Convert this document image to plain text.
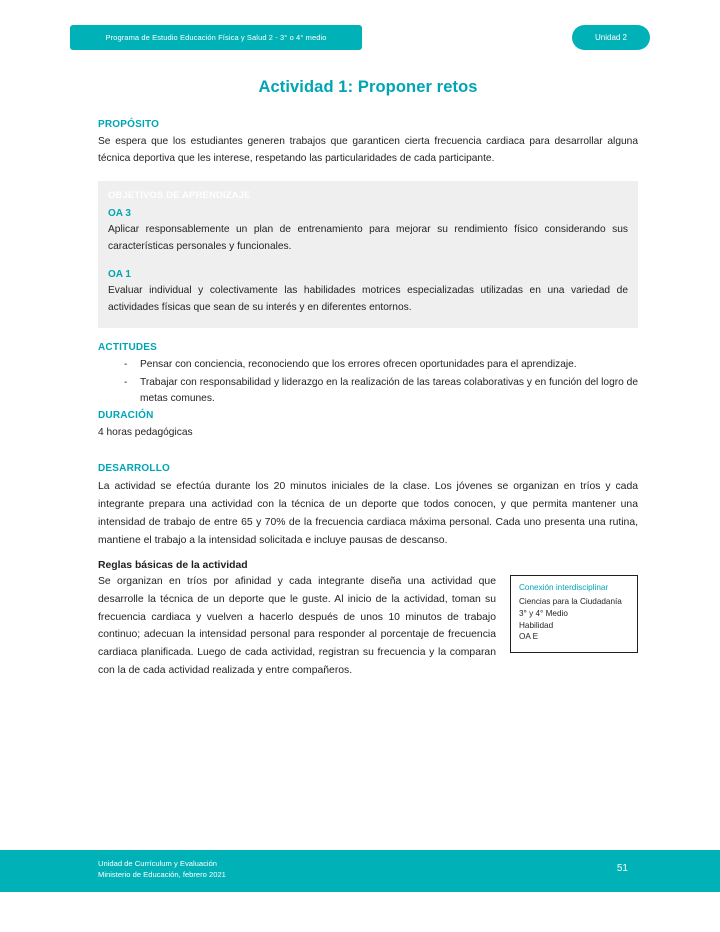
Programa de Estudio Educación Física y Salud 2 - 3° o 4° medio	Unidad 2
Actividad 1: Proponer retos
PROPÓSITO

Se espera que los estudiantes generen trabajos que garanticen cierta frecuencia cardiaca para desarrollar alguna técnica deportiva que les interese, respetando las particularidades de cada participante.

OBJETIVOS DE APRENDIZAJE
OA 3
Aplicar responsablemente un plan de entrenamiento para mejorar su rendimiento físico considerando sus características personales y funcionales.
OA 1
Evaluar individual y colectivamente las habilidades motrices especializadas utilizadas en una variedad de actividades físicas que sean de su interés y en diferentes entornos.
ACTITUDES
- Pensar con conciencia, reconociendo que los errores ofrecen oportunidades para el aprendizaje.
- Trabajar con responsabilidad y liderazgo en la realización de las tareas colaborativas y en función del logro de metas comunes.
DURACIÓN

4 horas pedagógicas

DESARROLLO

La actividad se efectúa durante los 20 minutos iniciales de la clase. Los jóvenes se organizan en tríos y cada integrante prepara una actividad con la técnica de un deporte que todos conocen, y que permita mantener una intensidad de trabajo de entre 65 y 70% de la frecuencia cardiaca máxima personal. Cada uno presenta una rutina, mantiene el trabajo a la intensidad solicitada e incluye pausas de descanso.

Reglas básicas de la actividad
Conexión interdisciplinar
Ciencias para la Ciudadanía
3° y 4° Medio
Habilidad
OA E

Se organizan en tríos por afinidad y cada integrante diseña una actividad que desarrolle la técnica de un deporte que le guste. Al inicio de la actividad, toman su frecuencia cardiaca y vuelven a hacerlo después de unos 10 minutos de trabajo continuo; adecuan la intensidad personal para responder al porcentaje de frecuencia cardiaca planificada. Luego de cada actividad, registran su frecuencia y la comparan con la de cada actividad realizada y entre compañeros.

Unidad de Currículum y Evaluación
Ministerio de Educación, febrero 2021
51
